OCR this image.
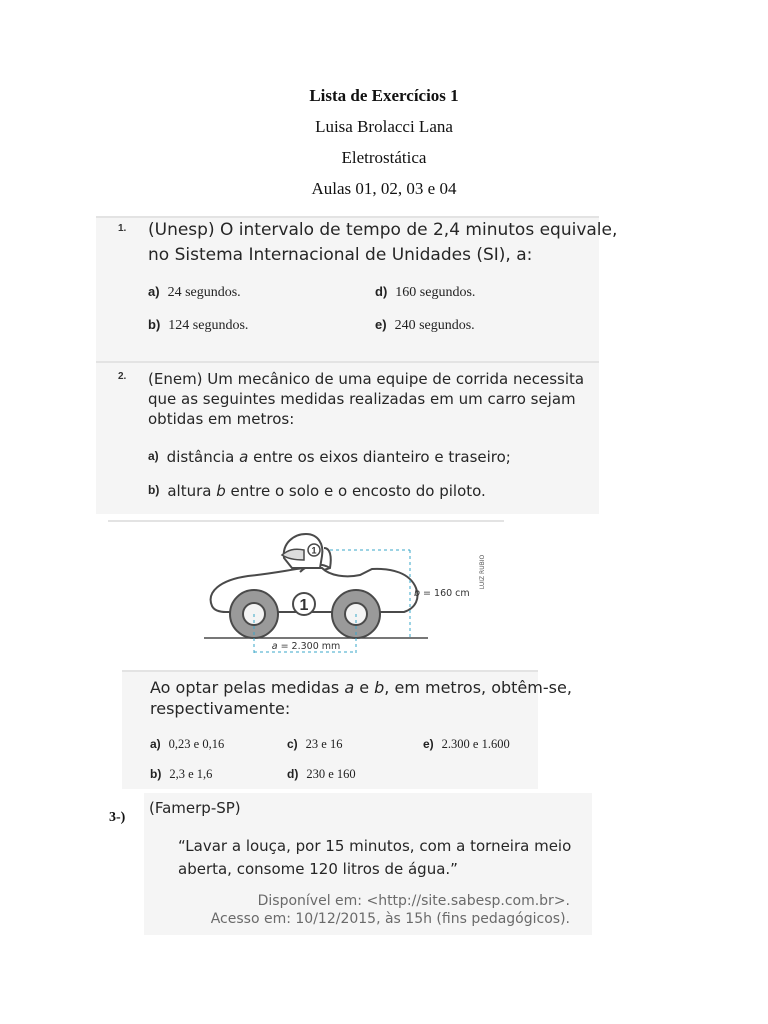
Lista de Exercícios 1
Luisa Brolacci Lana
Eletrostática
Aulas 01, 02, 03 e 04
1. (Unesp) O intervalo de tempo de 2,4 minutos equivale,
no Sistema Internacional de Unidades (SI), a:
a) 24 segundos.
b) 124 segundos.
d) 160 segundos.
e) 240 segundos.
2. (Enem) Um mecânico de uma equipe de corrida necessita
que as seguintes medidas realizadas em um carro sejam
obtidas em metros:
a) distância a entre os eixos dianteiro e traseiro;
b) altura b entre o solo e o encosto do piloto.
1
1
b = 160 cm
a = 2.300 mm
LUIZ RUBIO
Ao optar pelas medidas a e b, em metros, obtêm-se,
respectivamente:
a) 0,23 e 0,16
b) 2,3 e 1,6
c) 23 e 16
d) 230 e 160
e) 2.300 e 1.600
3-)
(Famerp-SP)
“Lavar a louça, por 15 minutos, com a torneira meio
aberta, consome 120 litros de água.”
Disponível em: <http://site.sabesp.com.br>.
Acesso em: 10/12/2015, às 15h (fins pedagógicos).
